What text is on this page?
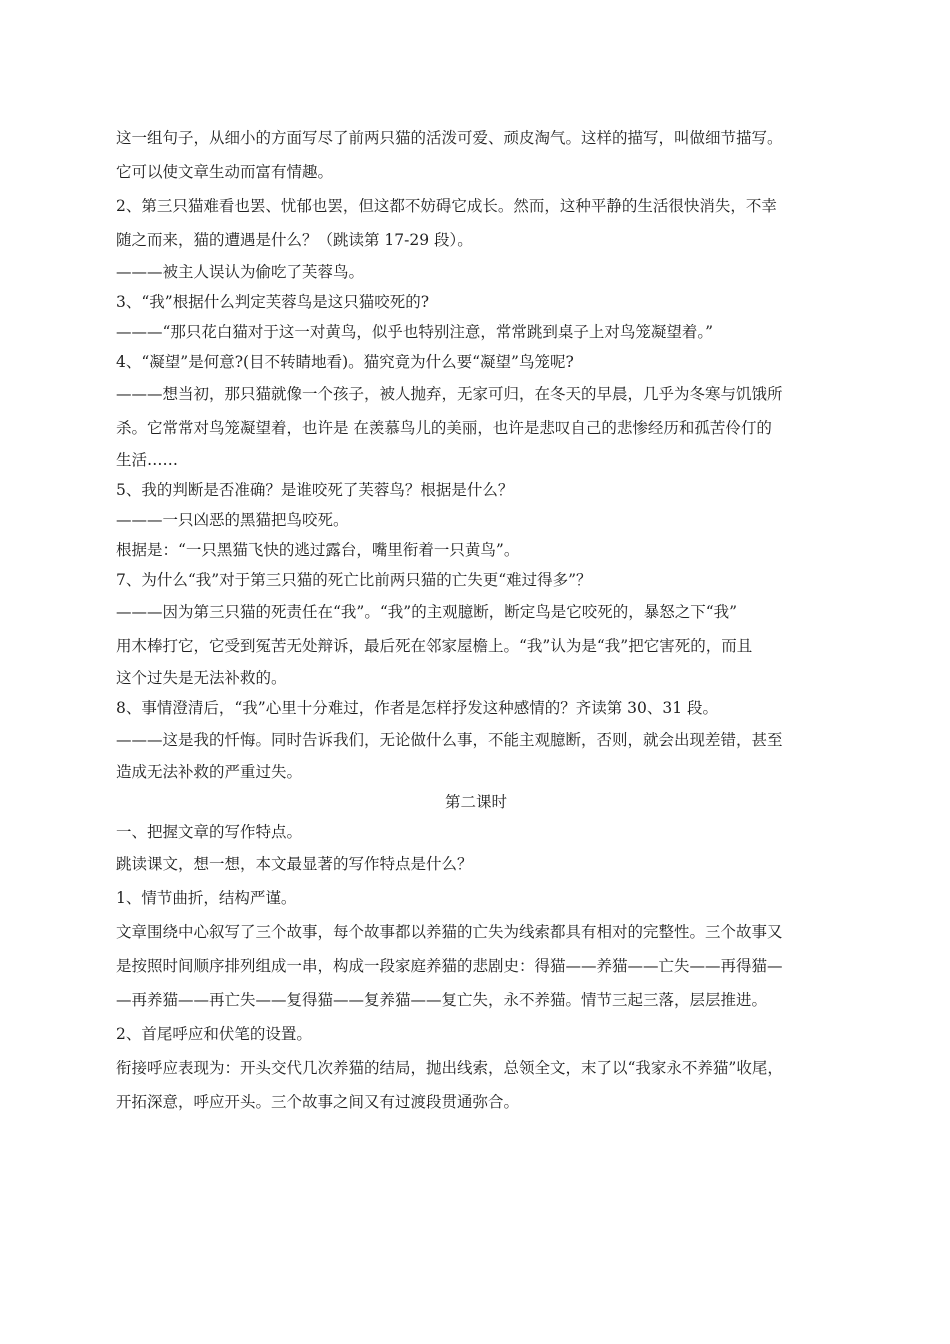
这一组句子，从细小的方面写尽了前两只猫的活泼可爱、顽皮淘气。这样的描写，叫做细节描写。
它可以使文章生动而富有情趣。
2、第三只猫难看也罢、忧郁也罢，但这都不妨碍它成长。然而，这种平静的生活很快消失，不幸
随之而来，猫的遭遇是什么？（跳读第 17-29 段）。
———被主人误认为偷吃了芙蓉鸟。
3、“我”根据什么判定芙蓉鸟是这只猫咬死的?
———“那只花白猫对于这一对黄鸟，似乎也特别注意，常常跳到桌子上对鸟笼凝望着。”
4、“凝望”是何意?(目不转睛地看)。猫究竟为什么要“凝望”鸟笼呢?
———想当初，那只猫就像一个孩子，被人抛弃，无家可归，在冬天的早晨，几乎为冬寒与饥饿所
杀。它常常对鸟笼凝望着，也许是 在羡慕鸟儿的美丽，也许是悲叹自己的悲惨经历和孤苦伶仃的
生活……
5、我的判断是否准确？是谁咬死了芙蓉鸟？根据是什么？
———一只凶恶的黑猫把鸟咬死。
根据是：“一只黑猫飞快的逃过露台，嘴里衔着一只黄鸟”。
7、为什么“我”对于第三只猫的死亡比前两只猫的亡失更“难过得多”？
———因为第三只猫的死责任在“我”。“我”的主观臆断，断定鸟是它咬死的，暴怒之下“我”
用木棒打它，它受到冤苦无处辩诉，最后死在邻家屋檐上。“我”认为是“我”把它害死的，而且
这个过失是无法补救的。
8、事情澄清后，“我”心里十分难过，作者是怎样抒发这种感情的？齐读第 30、31 段。
———这是我的忏悔。同时告诉我们，无论做什么事，不能主观臆断，否则，就会出现差错，甚至
造成无法补救的严重过失。
第二课时
一、把握文章的写作特点。
跳读课文，想一想，本文最显著的写作特点是什么？
1、情节曲折，结构严谨。
文章围绕中心叙写了三个故事，每个故事都以养猫的亡失为线索都具有相对的完整性。三个故事又
是按照时间顺序排列组成一串，构成一段家庭养猫的悲剧史：得猫——养猫——亡失——再得猫—
—再养猫——再亡失——复得猫——复养猫——复亡失，永不养猫。情节三起三落，层层推进。
2、首尾呼应和伏笔的设置。
衔接呼应表现为：开头交代几次养猫的结局，抛出线索，总领全文，末了以“我家永不养猫”收尾，
开拓深意，呼应开头。三个故事之间又有过渡段贯通弥合。
